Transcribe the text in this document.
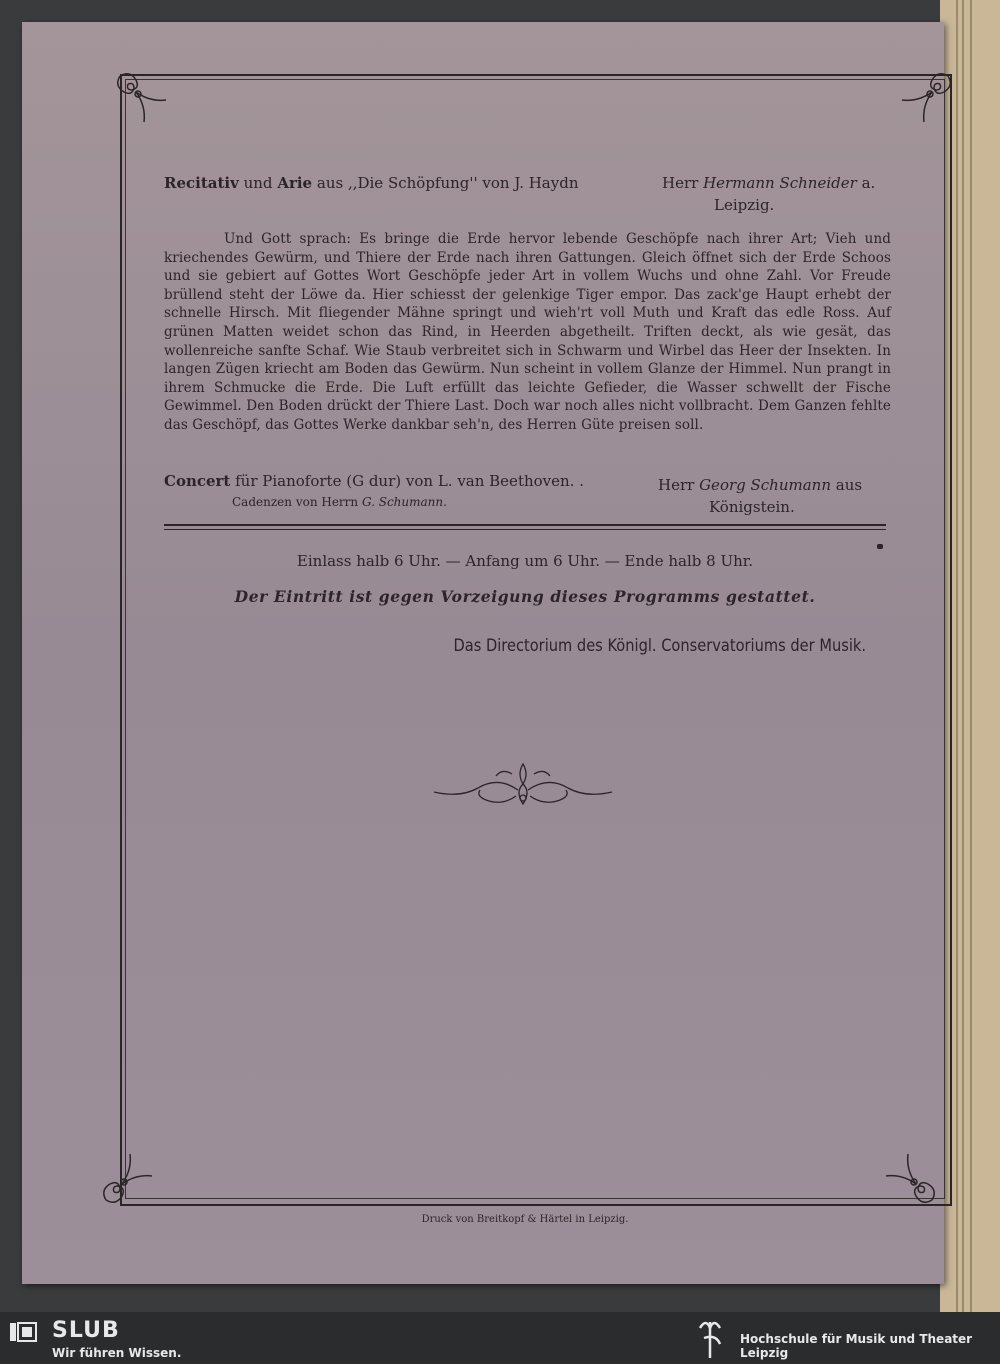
Recitativ und Arie aus ,,Die Schöpfung'' von J. Haydn	Herr Hermann Schneider a.
Leipzig.
Und Gott sprach: Es bringe die Erde hervor lebende Geschöpfe nach ihrer Art; Vieh und kriechendes Gewürm, und Thiere der Erde nach ihren Gattungen. Gleich öffnet sich der Erde Schoos und sie gebiert auf Gottes Wort Geschöpfe jeder Art in vollem Wuchs und ohne Zahl. Vor Freude brüllend steht der Löwe da. Hier schiesst der gelenkige Tiger empor. Das zack'ge Haupt erhebt der schnelle Hirsch. Mit fliegender Mähne springt und wieh'rt voll Muth und Kraft das edle Ross. Auf grünen Matten weidet schon das Rind, in Heerden abgetheilt. Triften deckt, als wie gesät, das wollenreiche sanfte Schaf. Wie Staub verbreitet sich in Schwarm und Wirbel das Heer der Insekten. In langen Zügen kriecht am Boden das Gewürm. Nun scheint in vollem Glanze der Himmel. Nun prangt in ihrem Schmucke die Erde. Die Luft erfüllt das leichte Gefieder, die Wasser schwellt der Fische Gewimmel. Den Boden drückt der Thiere Last. Doch war noch alles nicht vollbracht. Dem Ganzen fehlte das Geschöpf, das Gottes Werke dankbar seh'n, des Herren Güte preisen soll.
Concert für Pianoforte (G dur) von L. van Beethoven. .	Herr Georg Schumann aus
Königstein.
Cadenzen von Herrn G. Schumann.
Einlass halb 6 Uhr. — Anfang um 6 Uhr. — Ende halb 8 Uhr.
Der Eintritt ist gegen Vorzeigung dieses Programms gestattet.
Das Directorium des Königl. Conservatoriums der Musik.
Druck von Breitkopf & Härtel in Leipzig.
SLUB
Wir führen Wissen.
Hochschule für Musik und Theater Leipzig
